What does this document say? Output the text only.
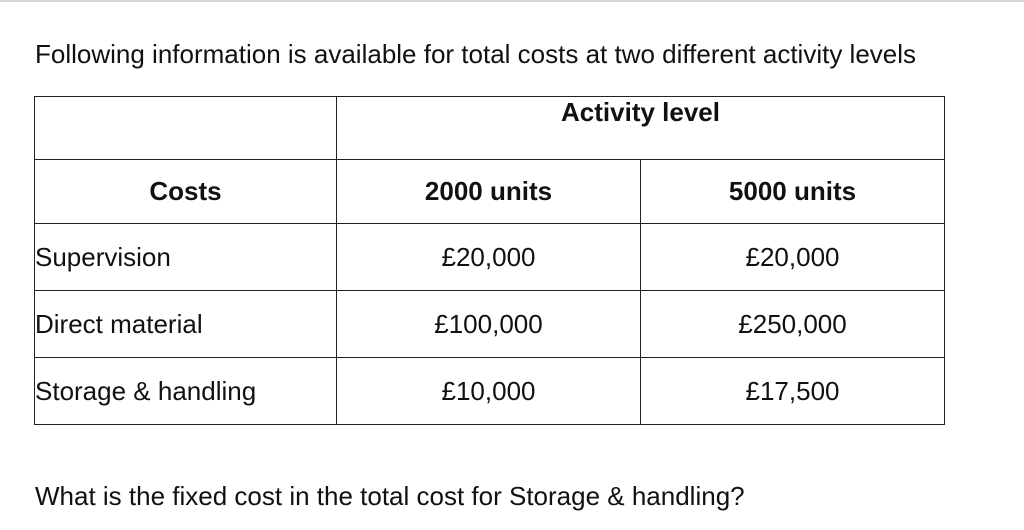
Following information is available for total costs at two different activity levels
	Activity level	
Costs	2000 units	5000 units
Supervision	£20,000	£20,000
Direct material	£100,000	£250,000
Storage & handling	£10,000	£17,500
What is the fixed cost in the total cost for Storage & handling?
